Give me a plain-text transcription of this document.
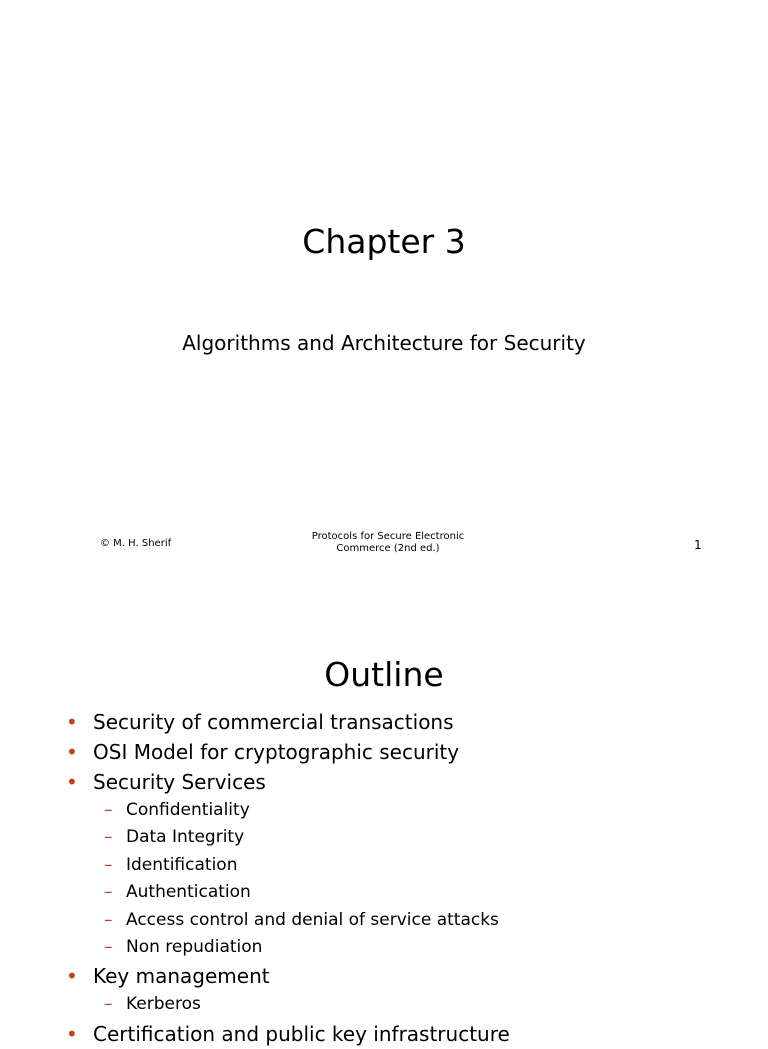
Chapter 3

Algorithms and Architecture for Security

© M. H. Sherif
Protocols for Secure Electronic
Commerce (2nd ed.)	1
Outline
• Security of commercial transactions
• OSI Model for cryptographic security
• Security Services
– Confidentiality
– Data Integrity
– Identification
– Authentication
– Access control and denial of service attacks
– Non repudiation
• Key management
– Kerberos
• Certification and public key infrastructure
